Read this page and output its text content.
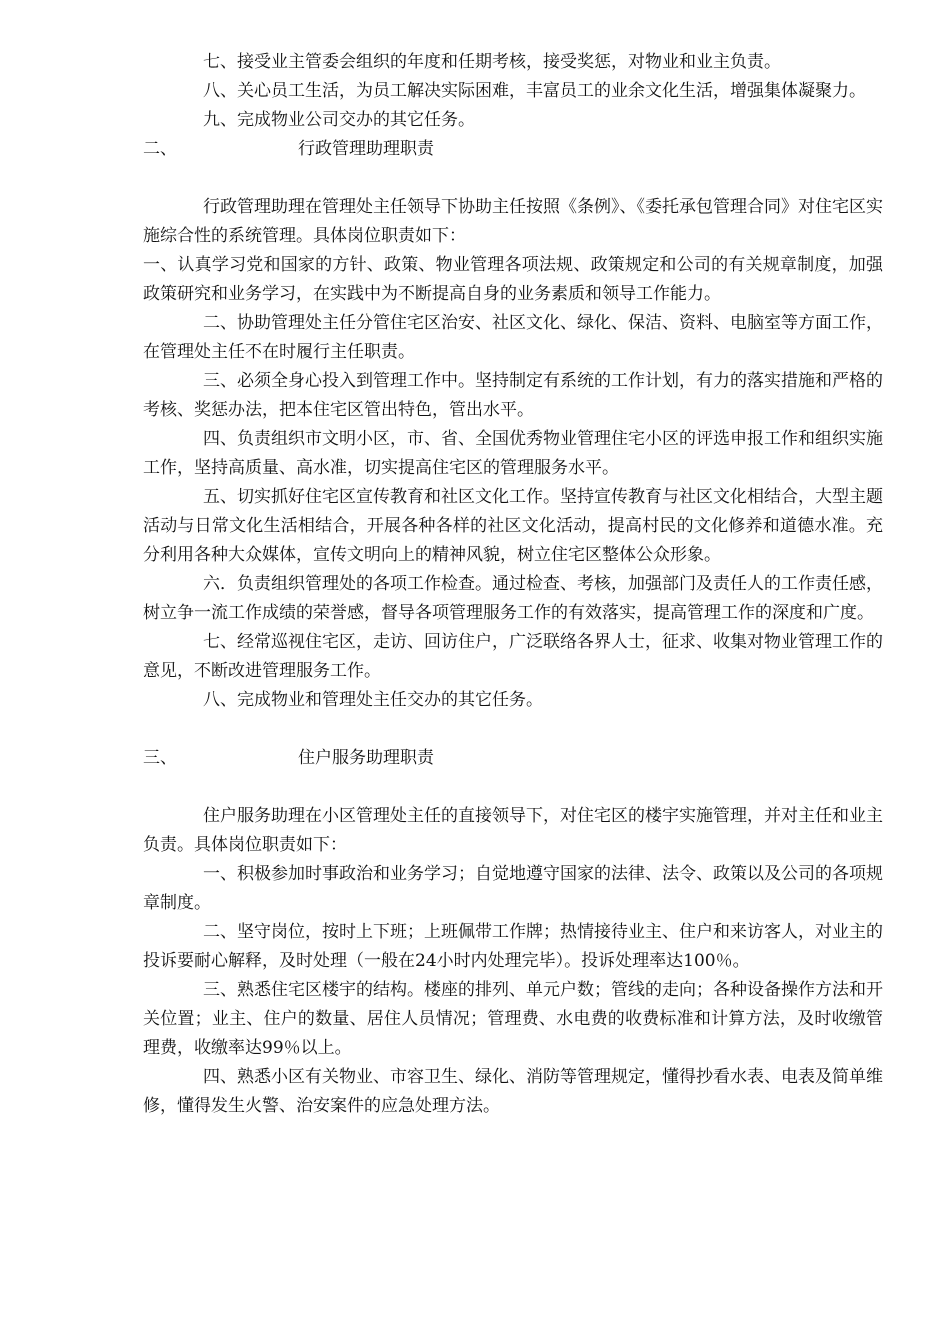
七、接受业主管委会组织的年度和任期考核，接受奖惩，对物业和业主负责。

八、关心员工生活，为员工解决实际困难，丰富员工的业余文化生活，增强集体凝聚力。

九、完成物业公司交办的其它任务。

二、	行政管理助理职责

行政管理助理在管理处主任领导下协助主任按照《条例》、《委托承包管理合同》对住宅区实施综合性的系统管理。具体岗位职责如下：

一、认真学习党和国家的方针、政策、物业管理各项法规、政策规定和公司的有关规章制度，加强政策研究和业务学习，在实践中为不断提高自身的业务素质和领导工作能力。

二、协助管理处主任分管住宅区治安、社区文化、绿化、保洁、资料、电脑室等方面工作，在管理处主任不在时履行主任职责。

三、必须全身心投入到管理工作中。坚持制定有系统的工作计划，有力的落实措施和严格的考核、奖惩办法，把本住宅区管出特色，管出水平。

四、负责组织市文明小区，市、省、全国优秀物业管理住宅小区的评选申报工作和组织实施工作，坚持高质量、高水准，切实提高住宅区的管理服务水平。

五、切实抓好住宅区宣传教育和社区文化工作。坚持宣传教育与社区文化相结合，大型主题活动与日常文化生活相结合，开展各种各样的社区文化活动，提高村民的文化修养和道德水准。充分利用各种大众媒体，宣传文明向上的精神风貌，树立住宅区整体公众形象。

六．负责组织管理处的各项工作检查。通过检查、考核，加强部门及责任人的工作责任感，树立争一流工作成绩的荣誉感，督导各项管理服务工作的有效落实，提高管理工作的深度和广度。

七、经常巡视住宅区，走访、回访住户，广泛联络各界人士，征求、收集对物业管理工作的意见，不断改进管理服务工作。

八、完成物业和管理处主任交办的其它任务。

三、	住户服务助理职责

住户服务助理在小区管理处主任的直接领导下，对住宅区的楼宇实施管理，并对主任和业主负责。具体岗位职责如下：

一、积极参加时事政治和业务学习；自觉地遵守国家的法律、法令、政策以及公司的各项规章制度。

二、坚守岗位，按时上下班；上班佩带工作牌；热情接待业主、住户和来访客人，对业主的投诉要耐心解释，及时处理（一般在24小时内处理完毕）。投诉处理率达100％。

三、熟悉住宅区楼宇的结构。楼座的排列、单元户数；管线的走向；各种设备操作方法和开关位置；业主、住户的数量、居住人员情况；管理费、水电费的收费标准和计算方法，及时收缴管理费，收缴率达99％以上。

四、熟悉小区有关物业、市容卫生、绿化、消防等管理规定，懂得抄看水表、电表及简单维修，懂得发生火警、治安案件的应急处理方法。
